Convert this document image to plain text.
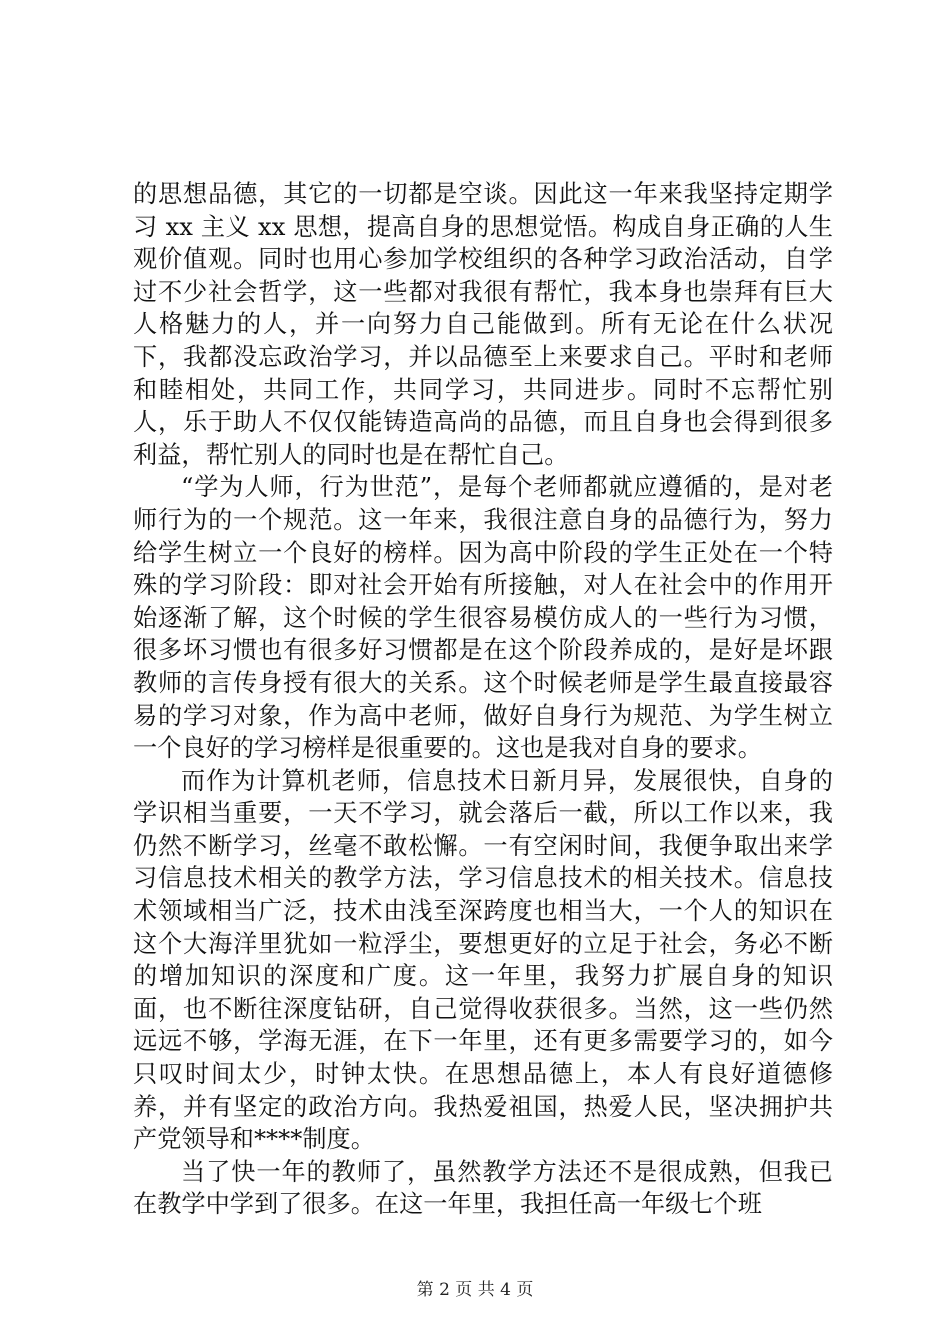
的思想品德，其它的一切都是空谈。因此这一年来我坚持定期学习 xx 主义 xx 思想，提高自身的思想觉悟。构成自身正确的人生观价值观。同时也用心参加学校组织的各种学习政治活动，自学过不少社会哲学，这一些都对我很有帮忙，我本身也崇拜有巨大人格魅力的人，并一向努力自己能做到。所有无论在什么状况下，我都没忘政治学习，并以品德至上来要求自己。平时和老师和睦相处，共同工作，共同学习，共同进步。同时不忘帮忙别人，乐于助人不仅仅能铸造高尚的品德，而且自身也会得到很多利益，帮忙别人的同时也是在帮忙自己。

“学为人师，行为世范”，是每个老师都就应遵循的，是对老师行为的一个规范。这一年来，我很注意自身的品德行为，努力给学生树立一个良好的榜样。因为高中阶段的学生正处在一个特殊的学习阶段：即对社会开始有所接触，对人在社会中的作用开始逐渐了解，这个时候的学生很容易模仿成人的一些行为习惯，很多坏习惯也有很多好习惯都是在这个阶段养成的，是好是坏跟教师的言传身授有很大的关系。这个时候老师是学生最直接最容易的学习对象，作为高中老师，做好自身行为规范、为学生树立一个良好的学习榜样是很重要的。这也是我对自身的要求。

而作为计算机老师，信息技术日新月异，发展很快，自身的学识相当重要，一天不学习，就会落后一截，所以工作以来，我仍然不断学习，丝毫不敢松懈。一有空闲时间，我便争取出来学习信息技术相关的教学方法，学习信息技术的相关技术。信息技术领域相当广泛，技术由浅至深跨度也相当大，一个人的知识在这个大海洋里犹如一粒浮尘，要想更好的立足于社会，务必不断的增加知识的深度和广度。这一年里，我努力扩展自身的知识面，也不断往深度钻研，自己觉得收获很多。当然，这一些仍然远远不够，学海无涯，在下一年里，还有更多需要学习的，如今只叹时间太少，时钟太快。在思想品德上，本人有良好道德修养，并有坚定的政治方向。我热爱祖国，热爱人民，坚决拥护共产党领导和****制度。

当了快一年的教师了，虽然教学方法还不是很成熟，但我已在教学中学到了很多。在这一年里，我担任高一年级七个班

第 2 页 共 4 页
